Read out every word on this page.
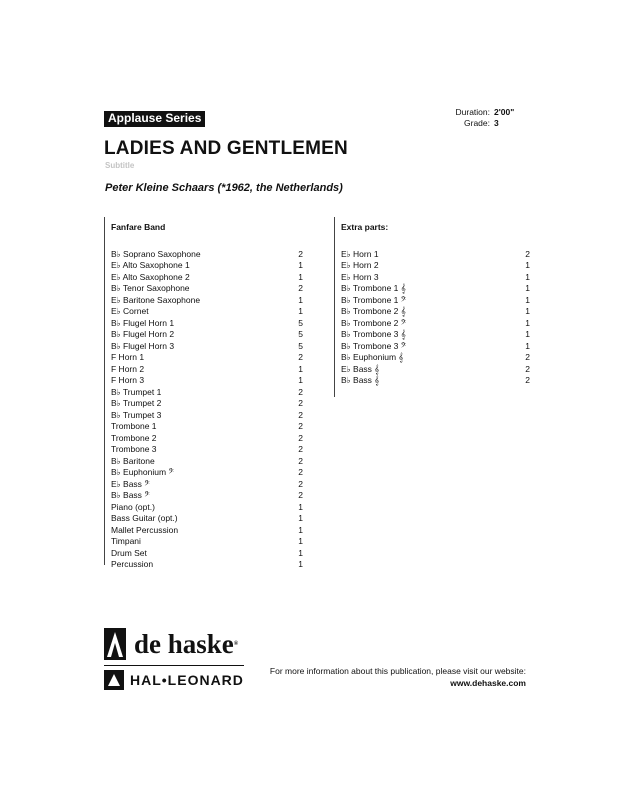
Applause Series	Duration: 2'00"
Grade: 3
LADIES AND GENTLEMEN
Subtitle
Peter Kleine Schaars (*1962, the Netherlands)
Fanfare Band
B♭ Soprano Saxophone	2
E♭ Alto Saxophone 1	1
E♭ Alto Saxophone 2	1
B♭ Tenor Saxophone	2
E♭ Baritone Saxophone	1
E♭ Cornet	1
B♭ Flugel Horn 1	5
B♭ Flugel Horn 2	5
B♭ Flugel Horn 3	5
F Horn 1	2
F Horn 2	1
F Horn 3	1
B♭ Trumpet 1	2
B♭ Trumpet 2	2
B♭ Trumpet 3	2
Trombone 1	2
Trombone 2	2
Trombone 3	2
B♭ Baritone	2
B♭ Euphonium 𝄢	2
E♭ Bass 𝄢	2
B♭ Bass 𝄢	2
Piano (opt.)	1
Bass Guitar (opt.)	1
Mallet Percussion	1
Timpani	1
Drum Set	1
Percussion	1
Extra parts:
E♭ Horn 1	2
E♭ Horn 2	1
E♭ Horn 3	1
B♭ Trombone 1 𝄞	1
B♭ Trombone 1 𝄢	1
B♭ Trombone 2 𝄞	1
B♭ Trombone 2 𝄢	1
B♭ Trombone 3 𝄞	1
B♭ Trombone 3 𝄢	1
B♭ Euphonium 𝄞	2
E♭ Bass 𝄞	2
B♭ Bass 𝄞	2
de haske®
HAL•LEONARD
For more information about this publication, please visit our website:
www.dehaske.com
